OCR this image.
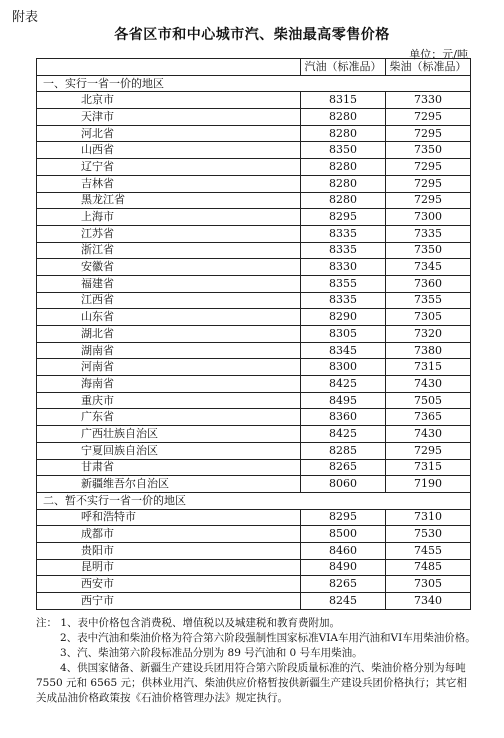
附表
各省区市和中心城市汽、柴油最高零售价格
单位：元/吨
	汽油（标准品）	柴油（标准品）
一、实行一省一价的地区		
北京市	8315	7330
天津市	8280	7295
河北省	8280	7295
山西省	8350	7350
辽宁省	8280	7295
吉林省	8280	7295
黑龙江省	8280	7295
上海市	8295	7300
江苏省	8335	7335
浙江省	8335	7350
安徽省	8330	7345
福建省	8355	7360
江西省	8335	7355
山东省	8290	7305
湖北省	8305	7320
湖南省	8345	7380
河南省	8300	7315
海南省	8425	7430
重庆市	8495	7505
广东省	8360	7365
广西壮族自治区	8425	7430
宁夏回族自治区	8285	7295
甘肃省	8265	7315
新疆维吾尔自治区	8060	7190
二、暂不实行一省一价的地区		
呼和浩特市	8295	7310
成都市	8500	7530
贵阳市	8460	7455
昆明市	8490	7485
西安市	8265	7305
西宁市	8245	7340

注： 1、表中价格包含消费税、增值税以及城建税和教育费附加。

2、表中汽油和柴油价格为符合第六阶段强制性国家标准VIA车用汽油和VI车用柴油价格。

3、汽、柴油第六阶段标准品分别为 89 号汽油和 0 号车用柴油。

4、供国家储备、新疆生产建设兵团用符合第六阶段质量标准的汽、柴油价格分别为每吨 7550 元和 6565 元；供林业用汽、柴油供应价格暂按供新疆生产建设兵团价格执行；其它相关成品油价格政策按《石油价格管理办法》规定执行。
